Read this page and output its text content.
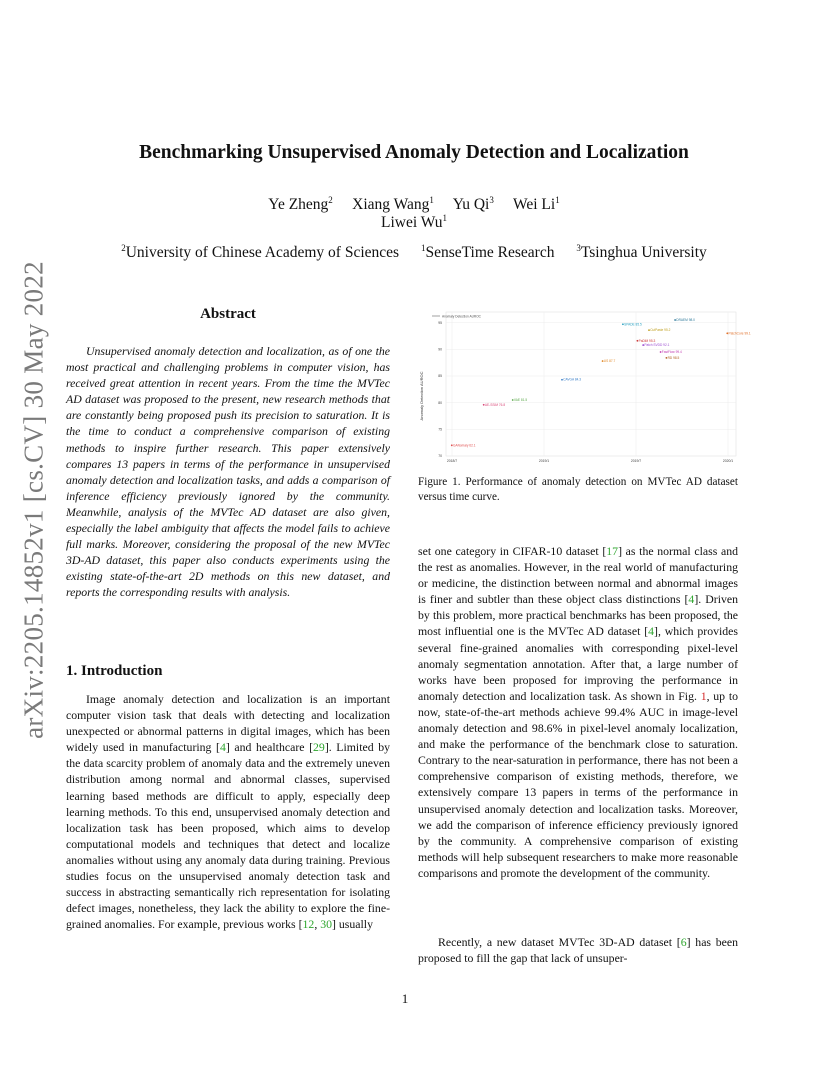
arXiv:2205.14852v1 [cs.CV] 30 May 2022
Benchmarking Unsupervised Anomaly Detection and Localization
Ye Zheng$^2$ Xiang Wang$^1$ Yu Qi$^3$ Wei Li$^1$
Liwei Wu$^1$
$^2$University of Chinese Academy of Sciences $^1$SenseTime Research $^3$Tsinghua University
Abstract
Unsupervised anomaly detection and localization, as of one the most practical and challenging problems in computer vision, has received great attention in recent years. From the time the MVTec AD dataset was proposed to the present, new research methods that are constantly being proposed push its precision to saturation. It is the time to conduct a comprehensive comparison of existing methods to inspire further research. This paper extensively compares 13 papers in terms of the performance in unsupervised anomaly detection and localization tasks, and adds a comparison of inference efficiency previously ignored by the community. Meanwhile, analysis of the MVTec AD dataset are also given, especially the label ambiguity that affects the model fails to achieve full marks. Moreover, considering the proposal of the new MVTec 3D-AD dataset, this paper also conducts experiments using the existing state-of-the-art 2D methods on this new dataset, and reports the corresponding results with analysis.
1. Introduction
Image anomaly detection and localization is an important computer vision task that deals with detecting and localization unexpected or abnormal patterns in digital images, which has been widely used in manufacturing [4] and healthcare [29]. Limited by the data scarcity problem of anomaly data and the extremely uneven distribution among normal and abnormal classes, supervised learning based methods are difficult to apply, especially deep learning methods. To this end, unsupervised anomaly detection and localization task has been proposed, which aims to develop computational models and techniques that detect and localize anomalies without using any anomaly data during training. Previous studies focus on the unsupervised anomaly detection task and success in abstracting semantically rich representation for isolating defect images, nonetheless, they lack the ability to explore the fine-grained anomalies. For example, previous works [12, 30] usually
Anomaly Detection AUROC
Anomaly Detection AUROC
70
75
80
85
90
95
2018/7	2019/1	2019/7	2020/1
GANomaly 62.1
AE-SSIM 76.8
VAE 81.5
CAVGA 84.3
US 87.7
SPADE 85.5
PaDiM 95.3
Patch SVDD 92.1
CutPaste 95.2
DRAEM 98.0
PatchCore 99.1
FastFlow 99.4
RD 98.5
Figure 1. Performance of anomaly detection on MVTec AD dataset versus time curve.
set one category in CIFAR-10 dataset [17] as the normal class and the rest as anomalies. However, in the real world of manufacturing or medicine, the distinction between normal and abnormal images is finer and subtler than these object class distinctions [4]. Driven by this problem, more practical benchmarks has been proposed, the most influential one is the MVTec AD dataset [4], which provides several fine-grained anomalies with corresponding pixel-level anomaly segmentation annotation. After that, a large number of works have been proposed for improving the performance in anomaly detection and localization task. As shown in Fig. 1, up to now, state-of-the-art methods achieve 99.4% AUC in image-level anomaly detection and 98.6% in pixel-level anomaly localization, and make the performance of the benchmark close to saturation. Contrary to the near-saturation in performance, there has not been a comprehensive comparison of existing methods, therefore, we extensively compare 13 papers in terms of the performance in unsupervised anomaly detection and localization tasks. Moreover, we add the comparison of inference efficiency previously ignored by the community. A comprehensive comparison of existing methods will help subsequent researchers to make more reasonable comparisons and promote the development of the community.
Recently, a new dataset MVTec 3D-AD dataset [6] has been proposed to fill the gap that lack of unsuper-
1
